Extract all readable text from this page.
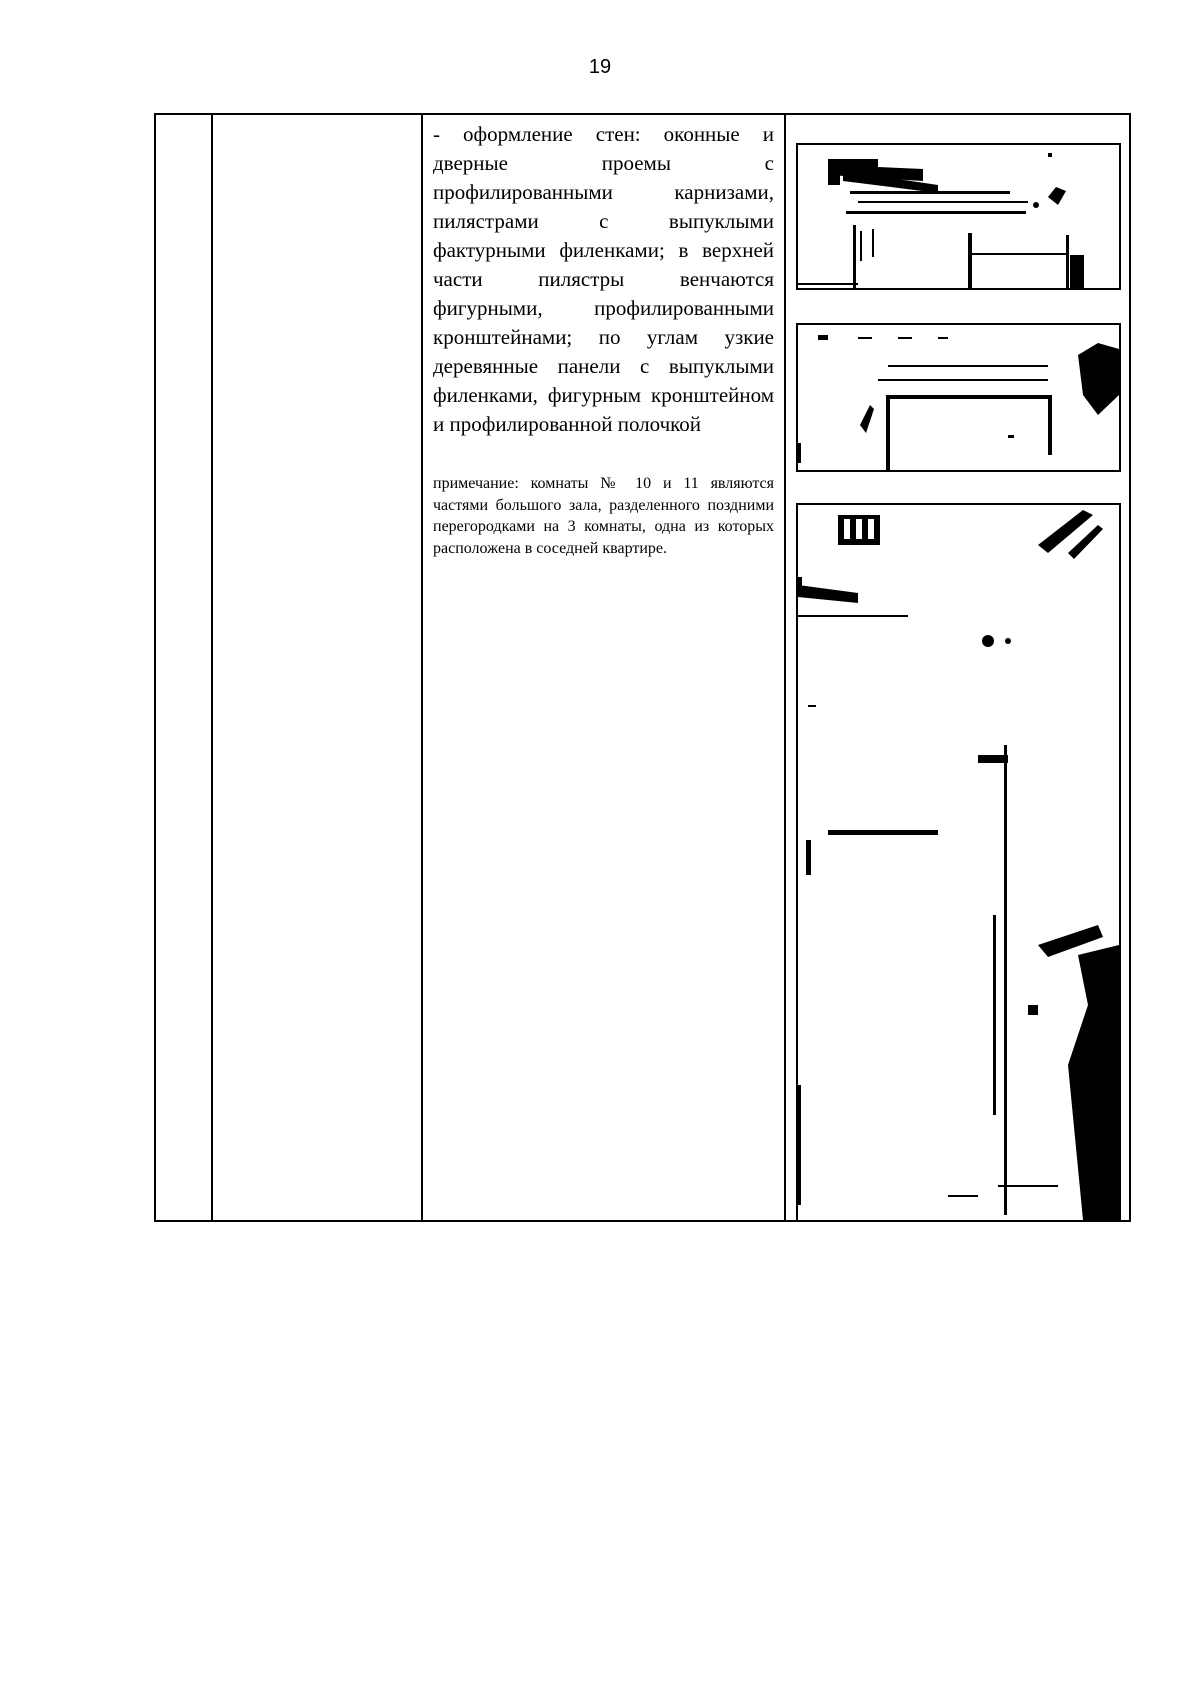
19

- оформление стен: оконные и дверные проемы с профилированными карнизами, пилястрами с выпуклыми фактурными филенками; в верхней части пилястры венчаются фигурными, профилированными кронштейнами; по углам узкие деревянные панели с выпуклыми филенками, фигурным кронштейном и профилированной полочкой

примечание: комнаты № 10 и 11 являются частями большого зала, разделенного поздними перегородками на 3 комнаты, одна из которых расположена в соседней квартире.
